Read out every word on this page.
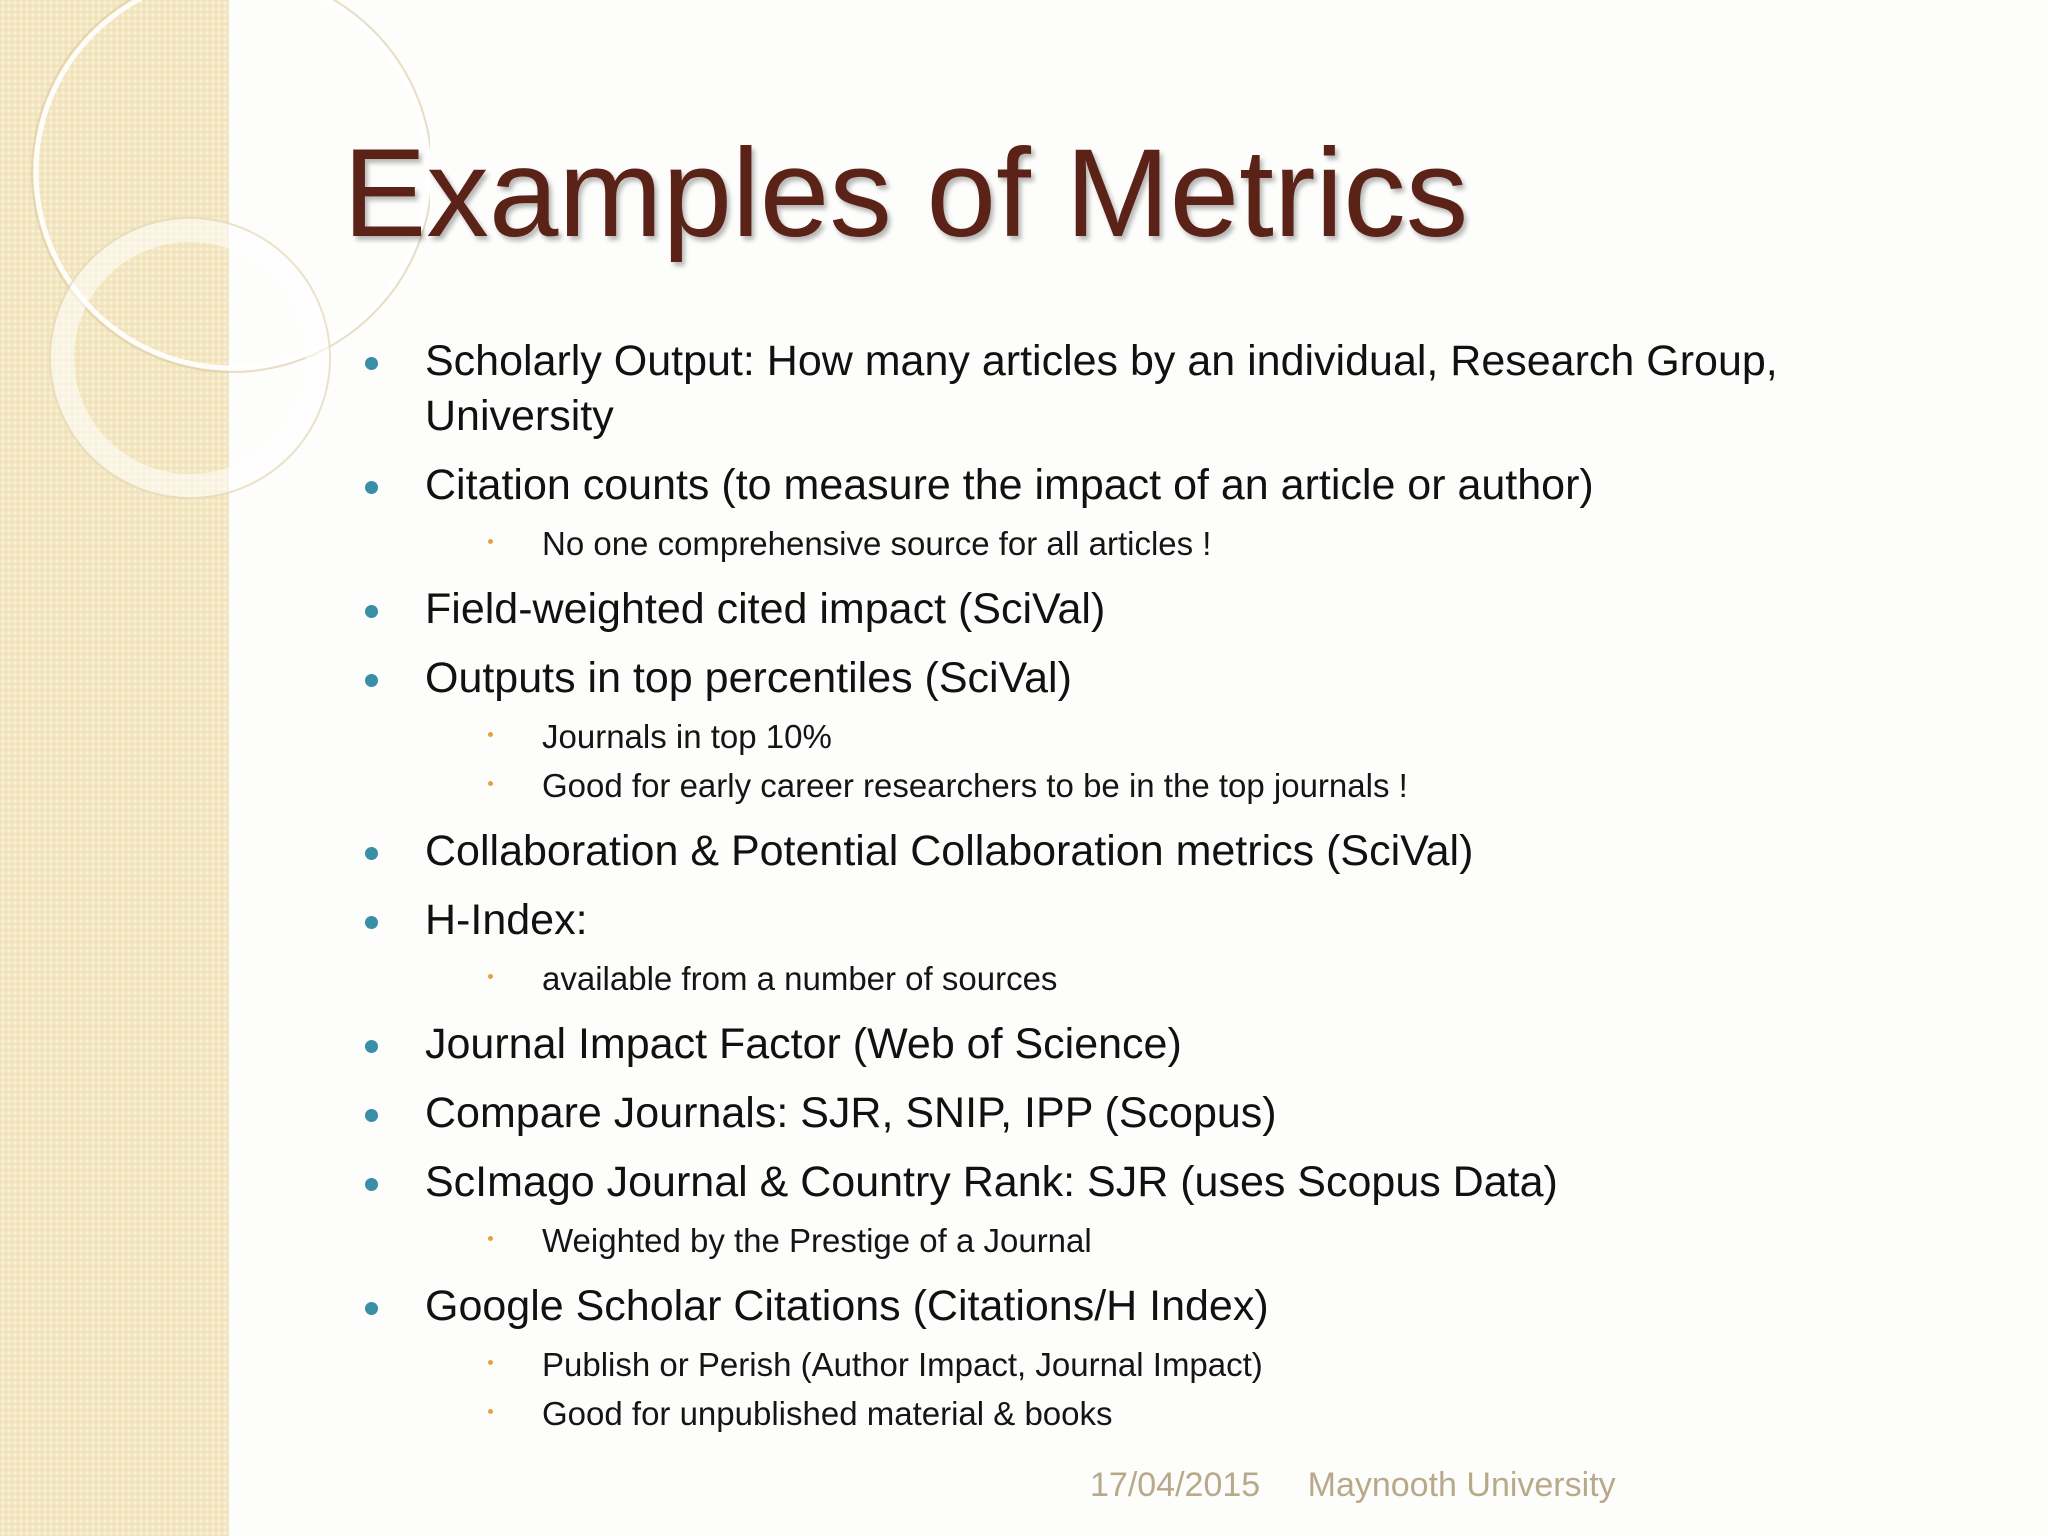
Examples of Metrics
Scholarly Output: How many articles by an individual, Research Group, University
Citation counts (to measure the impact of an article or author)
No one comprehensive source for all articles !
Field-weighted cited impact (SciVal)
Outputs in top percentiles (SciVal)
Journals in top 10%
Good for early career researchers to be in the top journals !
Collaboration & Potential Collaboration metrics (SciVal)
H-Index:
available from a number of sources
Journal Impact Factor (Web of Science)
Compare Journals: SJR, SNIP, IPP (Scopus)
ScImago Journal & Country Rank: SJR (uses Scopus Data)
Weighted by the Prestige of a Journal
Google Scholar Citations (Citations/H Index)
Publish or Perish (Author Impact, Journal Impact)
Good for unpublished material & books
17/04/2015 Maynooth University
